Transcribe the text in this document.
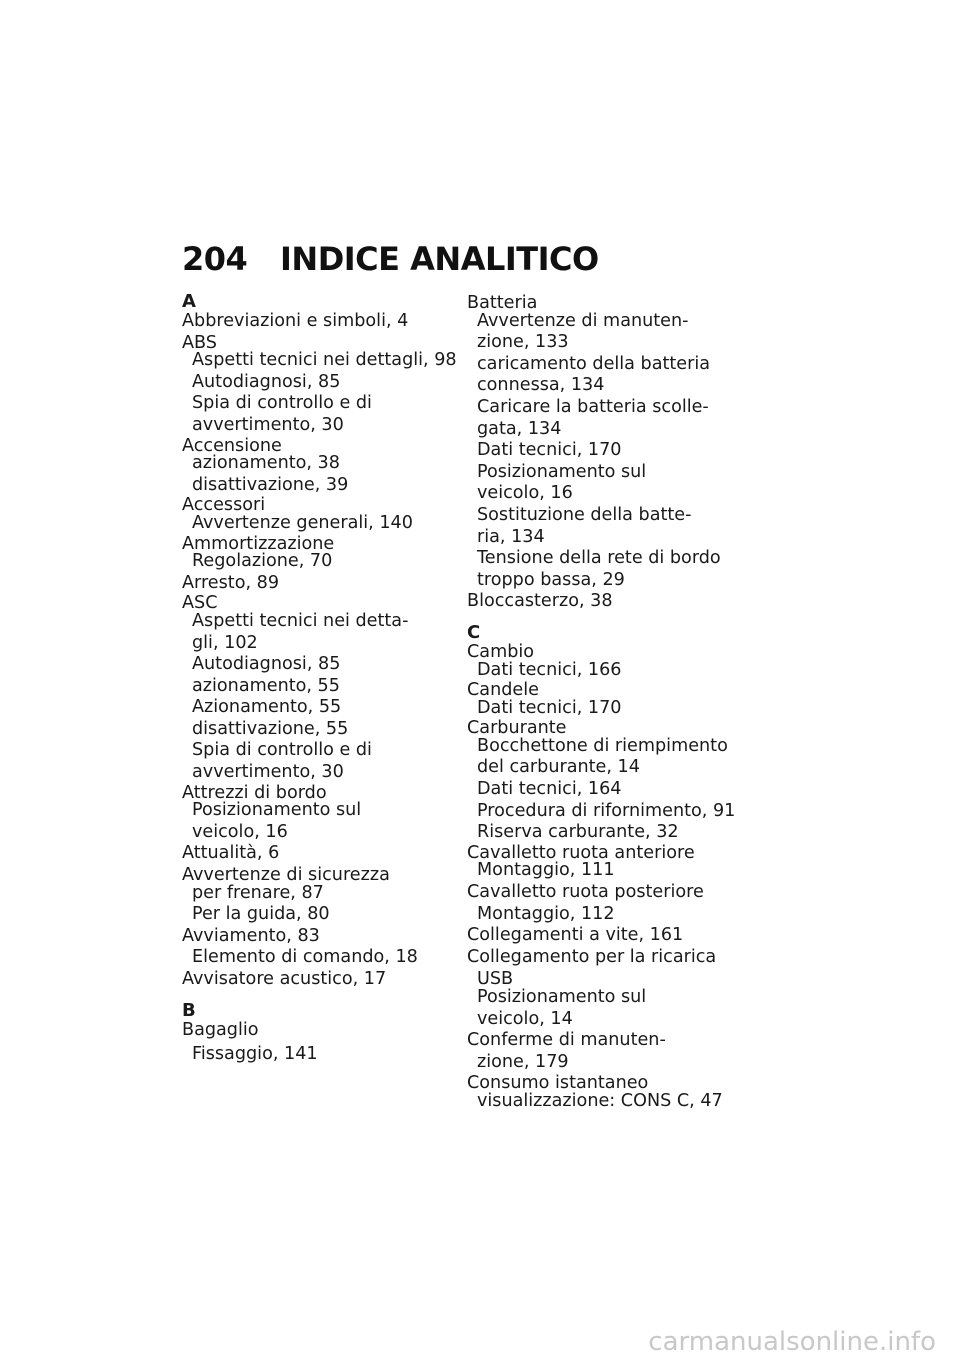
204 INDICE ANALITICO
A
Abbreviazioni e simboli, 4
ABS
Aspetti tecnici nei dettagli, 98
Autodiagnosi, 85
Spia di controllo e di
avvertimento, 30
Accensione
azionamento, 38
disattivazione, 39
Accessori
Avvertenze generali, 140
Ammortizzazione
Regolazione, 70
Arresto, 89
ASC
Aspetti tecnici nei detta-
gli, 102
Autodiagnosi, 85
azionamento, 55
Azionamento, 55
disattivazione, 55
Spia di controllo e di
avvertimento, 30
Attrezzi di bordo
Posizionamento sul
veicolo, 16
Attualità, 6
Avvertenze di sicurezza
per frenare, 87
Per la guida, 80
Avviamento, 83
Elemento di comando, 18
Avvisatore acustico, 17
B
Bagaglio
Fissaggio, 141
Batteria
Avvertenze di manuten-
zione, 133
caricamento della batteria
connessa, 134
Caricare la batteria scolle-
gata, 134
Dati tecnici, 170
Posizionamento sul
veicolo, 16
Sostituzione della batte-
ria, 134
Tensione della rete di bordo
troppo bassa, 29
Bloccasterzo, 38
C
Cambio
Dati tecnici, 166
Candele
Dati tecnici, 170
Carburante
Bocchettone di riempimento
del carburante, 14
Dati tecnici, 164
Procedura di rifornimento, 91
Riserva carburante, 32
Cavalletto ruota anteriore
Montaggio, 111
Cavalletto ruota posteriore
Montaggio, 112
Collegamenti a vite, 161
Collegamento per la ricarica
USB
Posizionamento sul
veicolo, 14
Conferme di manuten-
zione, 179
Consumo istantaneo
visualizzazione: CONS C, 47
carmanualsonline.info
